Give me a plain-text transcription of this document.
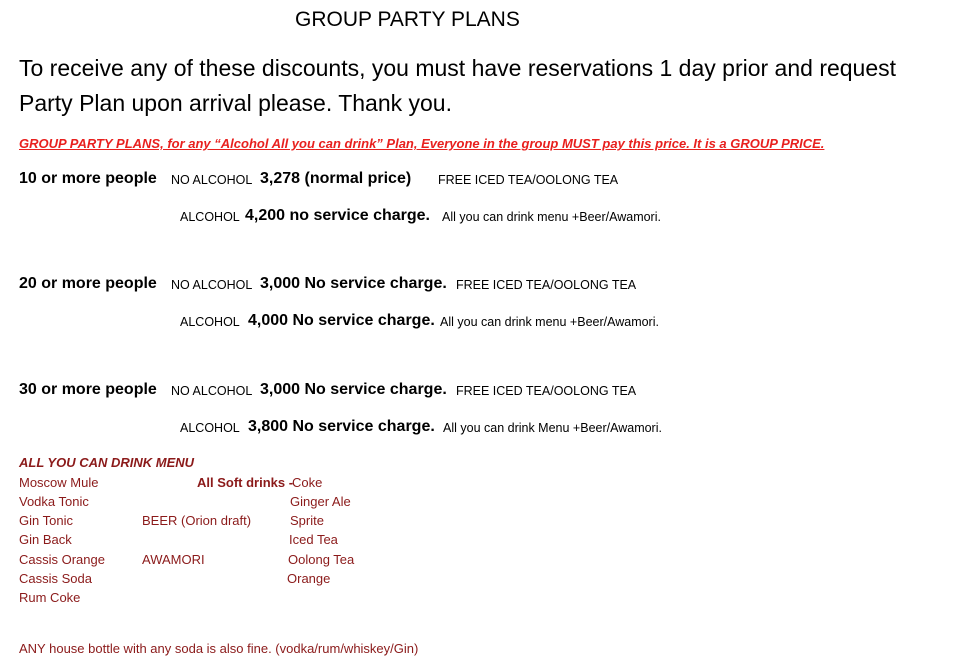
GROUP PARTY PLANS
To receive any of these discounts, you must have reservations 1 day prior and request
Party Plan upon arrival please. Thank you.
GROUP PARTY PLANS, for any “Alcohol All you can drink” Plan, Everyone in the group MUST pay this price. It is a GROUP PRICE.
10 or more people NO ALCOHOL 3,278 (normal price) FREE ICED TEA/OOLONG TEA
ALCOHOL 4,200 no service charge. All you can drink menu +Beer/Awamori.
20 or more people NO ALCOHOL 3,000 No service charge. FREE ICED TEA/OOLONG TEA
ALCOHOL 4,000 No service charge. All you can drink menu +Beer/Awamori.
30 or more people NO ALCOHOL 3,000 No service charge. FREE ICED TEA/OOLONG TEA
ALCOHOL 3,800 No service charge. All you can drink Menu +Beer/Awamori.
ALL YOU CAN DRINK MENU
Moscow Mule
Vodka Tonic
Gin Tonic
Gin Back
Cassis Orange
Cassis Soda
Rum Coke
BEER (Orion draft)
AWAMORI
All Soft drinks -
Coke
Ginger Ale
Sprite
Iced Tea
Oolong Tea
Orange
ANY house bottle with any soda is also fine. (vodka/rum/whiskey/Gin)
